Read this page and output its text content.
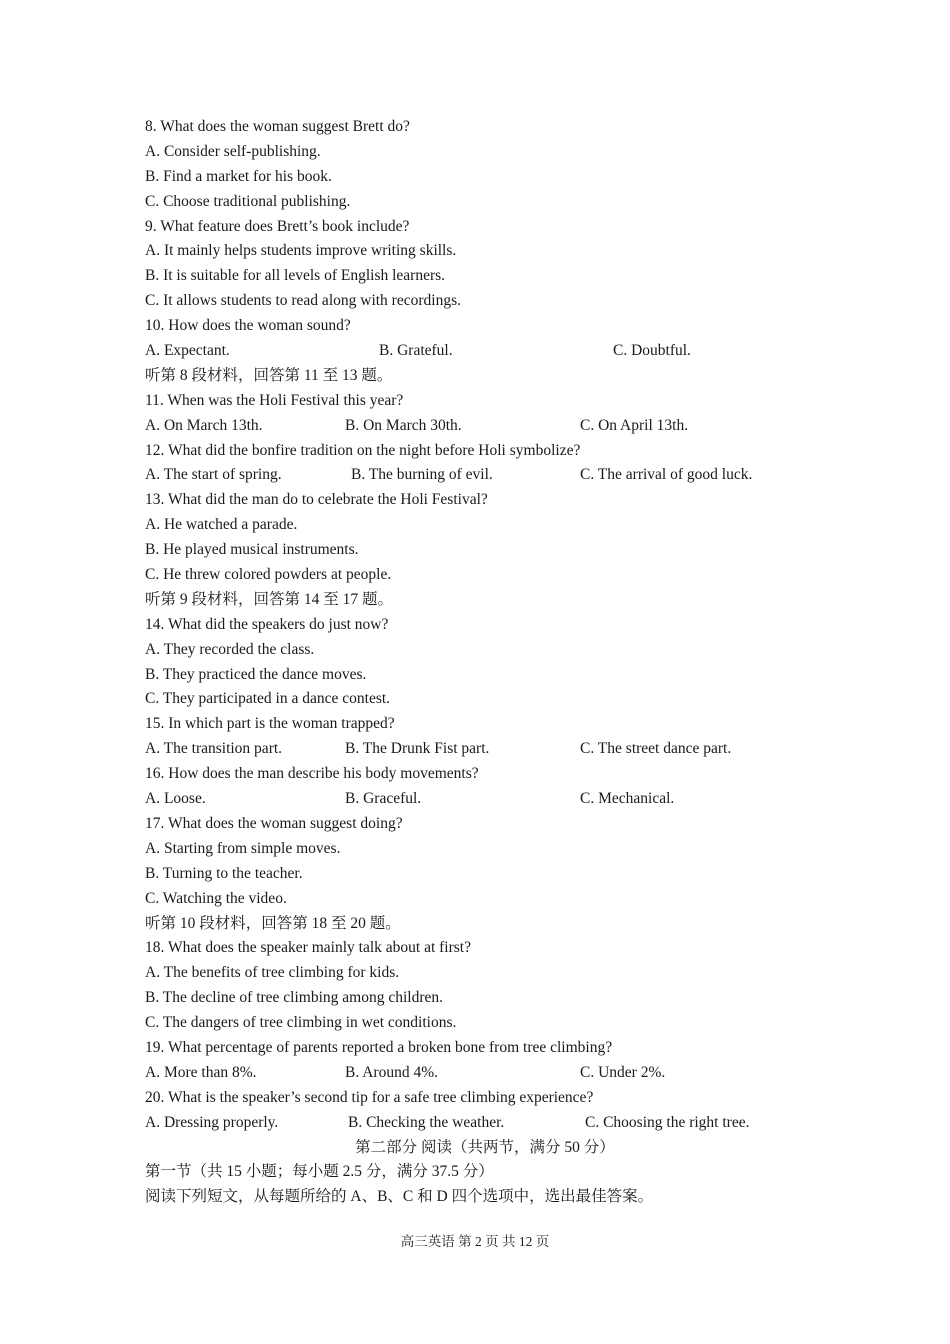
8. What does the woman suggest Brett do?
A. Consider self-publishing.
B. Find a market for his book.
C. Choose traditional publishing.
9. What feature does Brett’s book include?
A. It mainly helps students improve writing skills.
B. It is suitable for all levels of English learners.
C. It allows students to read along with recordings.
10. How does the woman sound?
A. Expectant.	B. Grateful.	C. Doubtful.
听第 8 段材料，回答第 11 至 13 题。
11. When was the Holi Festival this year?
A. On March 13th.	B. On March 30th.	C. On April 13th.
12. What did the bonfire tradition on the night before Holi symbolize?
A. The start of spring.	B. The burning of evil.	C. The arrival of good luck.
13. What did the man do to celebrate the Holi Festival?
A. He watched a parade.
B. He played musical instruments.
C. He threw colored powders at people.
听第 9 段材料，回答第 14 至 17 题。
14. What did the speakers do just now?
A. They recorded the class.
B. They practiced the dance moves.
C. They participated in a dance contest.
15. In which part is the woman trapped?
A. The transition part.	B. The Drunk Fist part.	C. The street dance part.
16. How does the man describe his body movements?
A. Loose.	B. Graceful.	C. Mechanical.
17. What does the woman suggest doing?
A. Starting from simple moves.
B. Turning to the teacher.
C. Watching the video.
听第 10 段材料，回答第 18 至 20 题。
18. What does the speaker mainly talk about at first?
A. The benefits of tree climbing for kids.
B. The decline of tree climbing among children.
C. The dangers of tree climbing in wet conditions.
19. What percentage of parents reported a broken bone from tree climbing?
A. More than 8%.	B. Around 4%.	C. Under 2%.
20. What is the speaker’s second tip for a safe tree climbing experience?
A. Dressing properly.	B. Checking the weather.	C. Choosing the right tree.
第二部分 阅读（共两节，满分 50 分）
第一节（共 15 小题；每小题 2.5 分，满分 37.5 分）
阅读下列短文，从每题所给的 A、B、C 和 D 四个选项中，选出最佳答案。
高三英语 第 2 页 共 12 页
